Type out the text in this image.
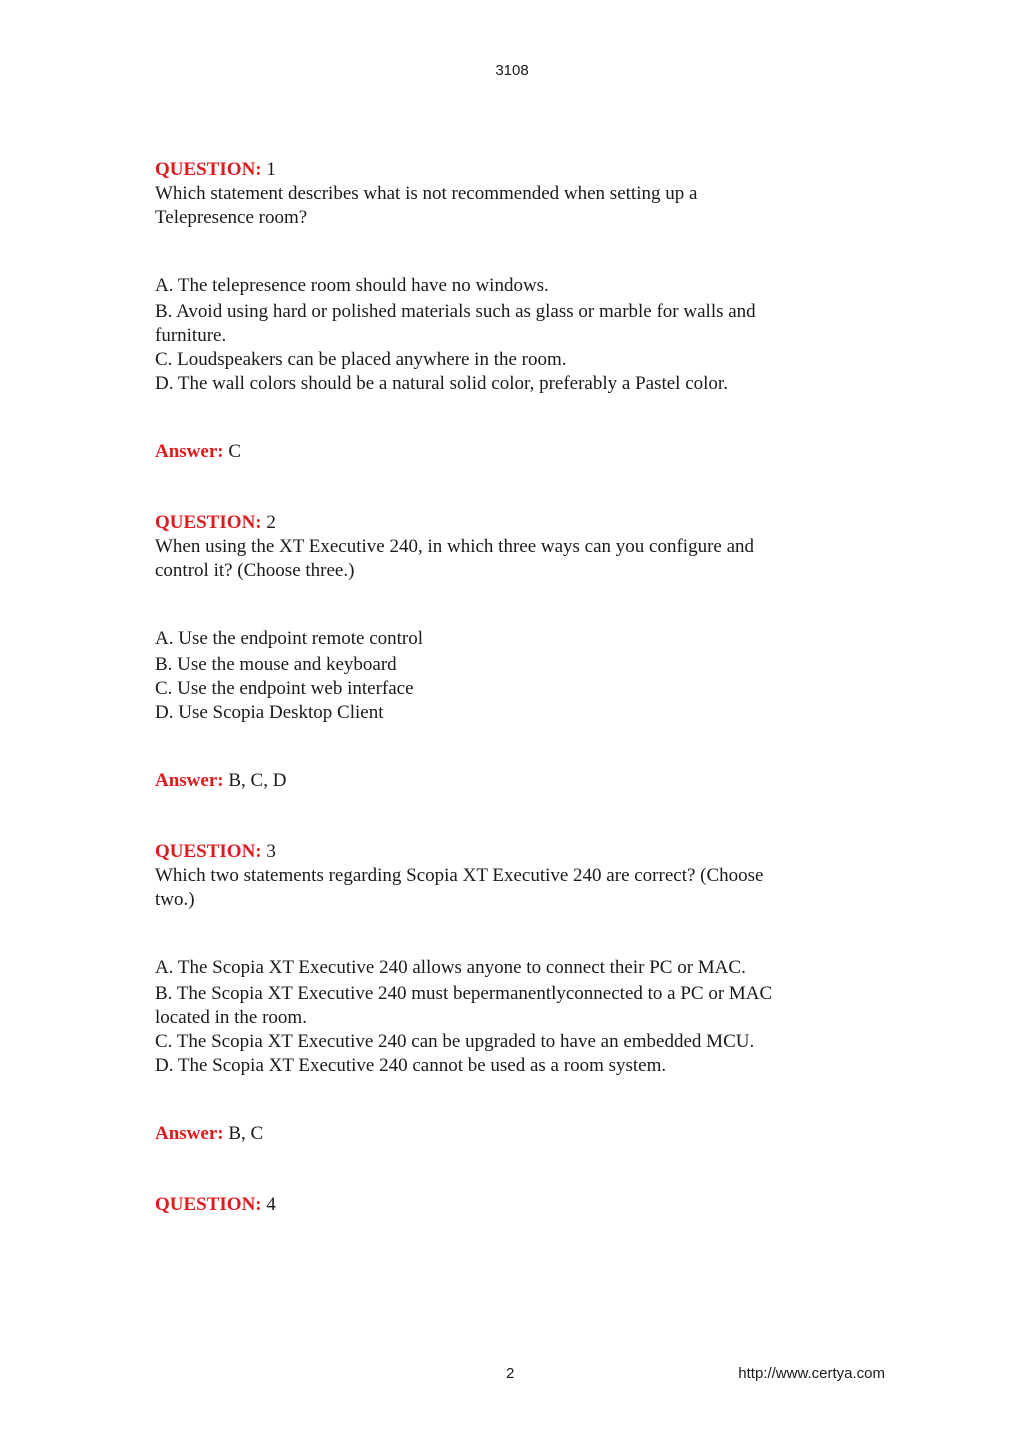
3108

QUESTION: 1

Which statement describes what is not recommended when setting up a
Telepresence room?

A. The telepresence room should have no windows.
B. Avoid using hard or polished materials such as glass or marble for walls and
furniture.
C. Loudspeakers can be placed anywhere in the room.
D. The wall colors should be a natural solid color, preferably a Pastel color.

Answer: C

QUESTION: 2

When using the XT Executive 240, in which three ways can you configure and
control it? (Choose three.)

A. Use the endpoint remote control
B. Use the mouse and keyboard
C. Use the endpoint web interface
D. Use Scopia Desktop Client

Answer: B, C, D

QUESTION: 3

Which two statements regarding Scopia XT Executive 240 are correct? (Choose
two.)

A. The Scopia XT Executive 240 allows anyone to connect their PC or MAC.
B. The Scopia XT Executive 240 must bepermanentlyconnected to a PC or MAC
located in the room.
C. The Scopia XT Executive 240 can be upgraded to have an embedded MCU.
D. The Scopia XT Executive 240 cannot be used as a room system.

Answer: B, C

QUESTION: 4

2	http://www.certya.com
